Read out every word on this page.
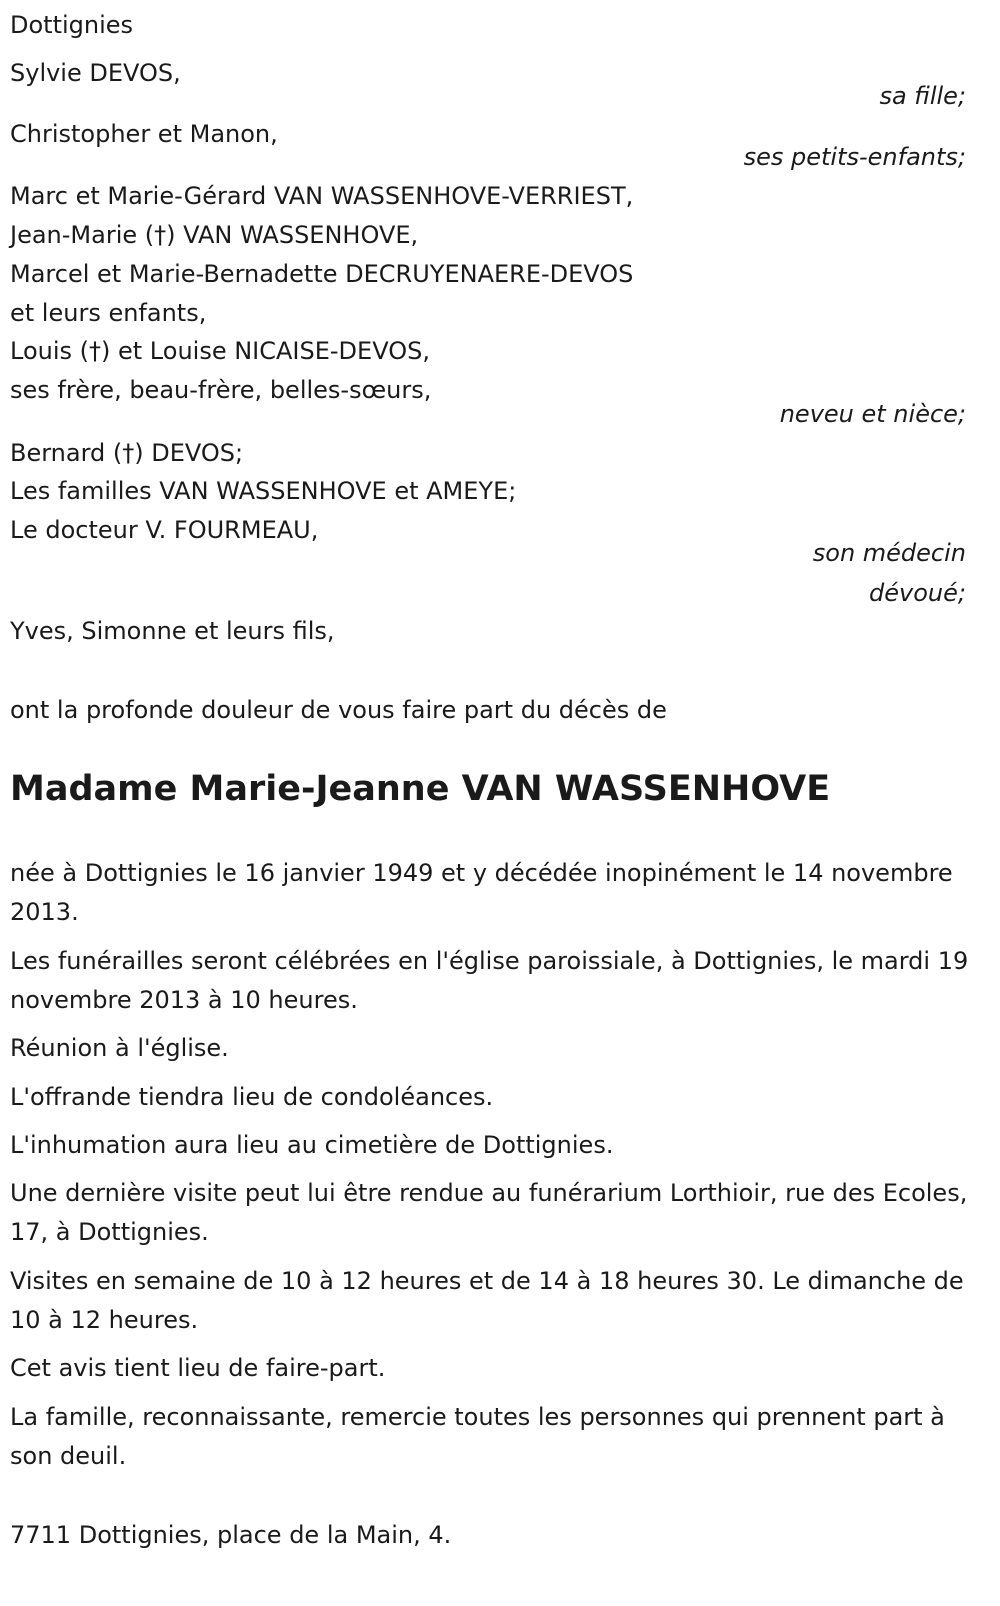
Dottignies
Sylvie DEVOS,
sa fille;
Christopher et Manon,
ses petits-enfants;
Marc et Marie-Gérard VAN WASSENHOVE-VERRIEST,
Jean-Marie (†) VAN WASSENHOVE,
Marcel et Marie-Bernadette DECRUYENAERE-DEVOS
et leurs enfants,
Louis (†) et Louise NICAISE-DEVOS,
ses frère, beau-frère, belles-sœurs,
neveu et nièce;
Bernard (†) DEVOS;
Les familles VAN WASSENHOVE et AMEYE;
Le docteur V. FOURMEAU,
son médecin
dévoué;
Yves, Simonne et leurs fils,
ont la profonde douleur de vous faire part du décès de
Madame Marie-Jeanne VAN WASSENHOVE
née à Dottignies le 16 janvier 1949 et y décédée inopinément le 14 novembre 2013.
Les funérailles seront célébrées en l'église paroissiale, à Dottignies, le mardi 19 novembre 2013 à 10 heures.
Réunion à l'église.
L'offrande tiendra lieu de condoléances.
L'inhumation aura lieu au cimetière de Dottignies.
Une dernière visite peut lui être rendue au funérarium Lorthioir, rue des Ecoles, 17, à Dottignies.
Visites en semaine de 10 à 12 heures et de 14 à 18 heures 30. Le dimanche de 10 à 12 heures.
Cet avis tient lieu de faire-part.
La famille, reconnaissante, remercie toutes les personnes qui prennent part à son deuil.
7711 Dottignies, place de la Main, 4.
